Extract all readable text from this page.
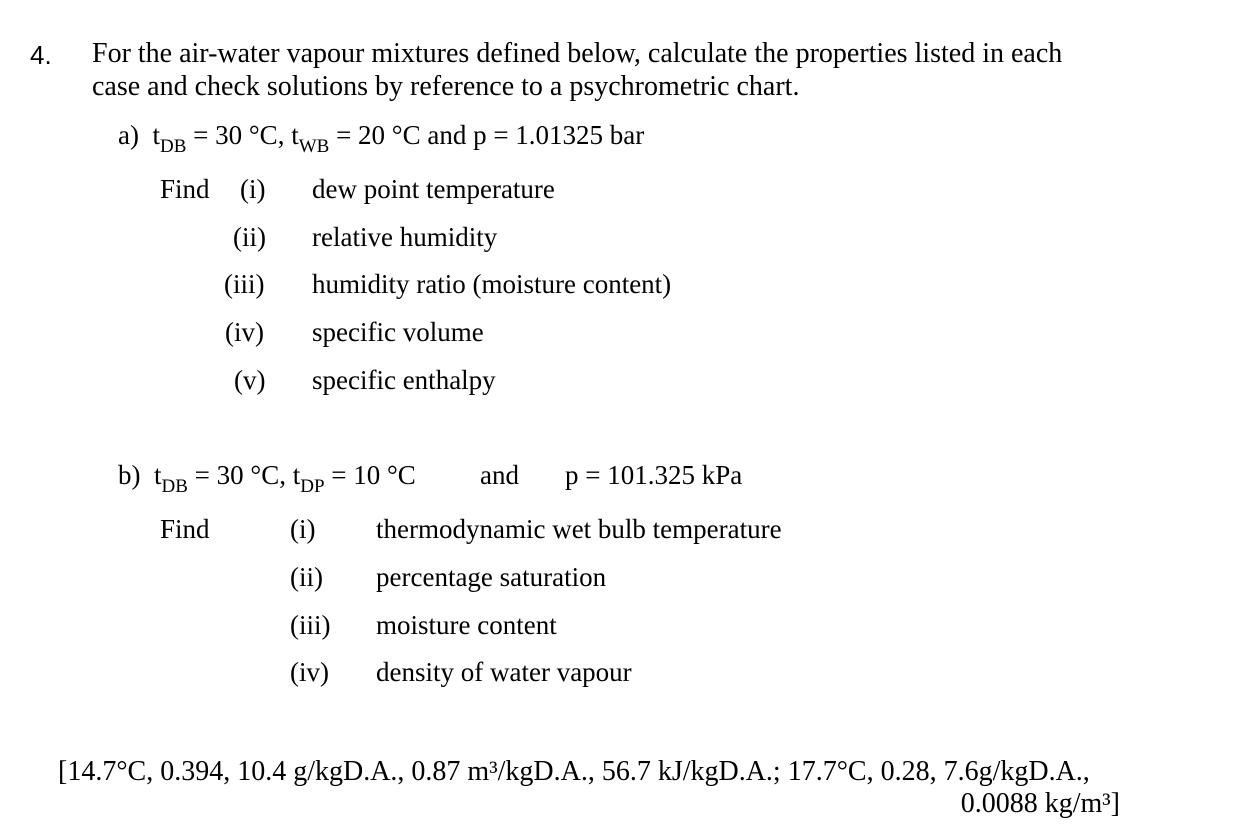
4. For the air-water vapour mixtures defined below, calculate the properties listed in each
case and check solutions by reference to a psychrometric chart.
a) $t_{DB} = 30$ °C, $t_{WB} = 20$ °C and p = 1.01325 bar
Find (i) dew point temperature
(ii) relative humidity
(iii) humidity ratio (moisture content)
(iv) specific volume
(v) specific enthalpy
b) $t_{DB} = 30$ °C, $t_{DP} = 10$ °C and p = 101.325 kPa
Find	(i) thermodynamic wet bulb temperature
(ii) percentage saturation
(iii) moisture content
(iv) density of water vapour
[14.7°C, 0.394, 10.4 g/kgD.A., 0.87 m³/kgD.A., 56.7 kJ/kgD.A.; 17.7°C, 0.28, 7.6g/kgD.A.,
0.0088 kg/m³]
